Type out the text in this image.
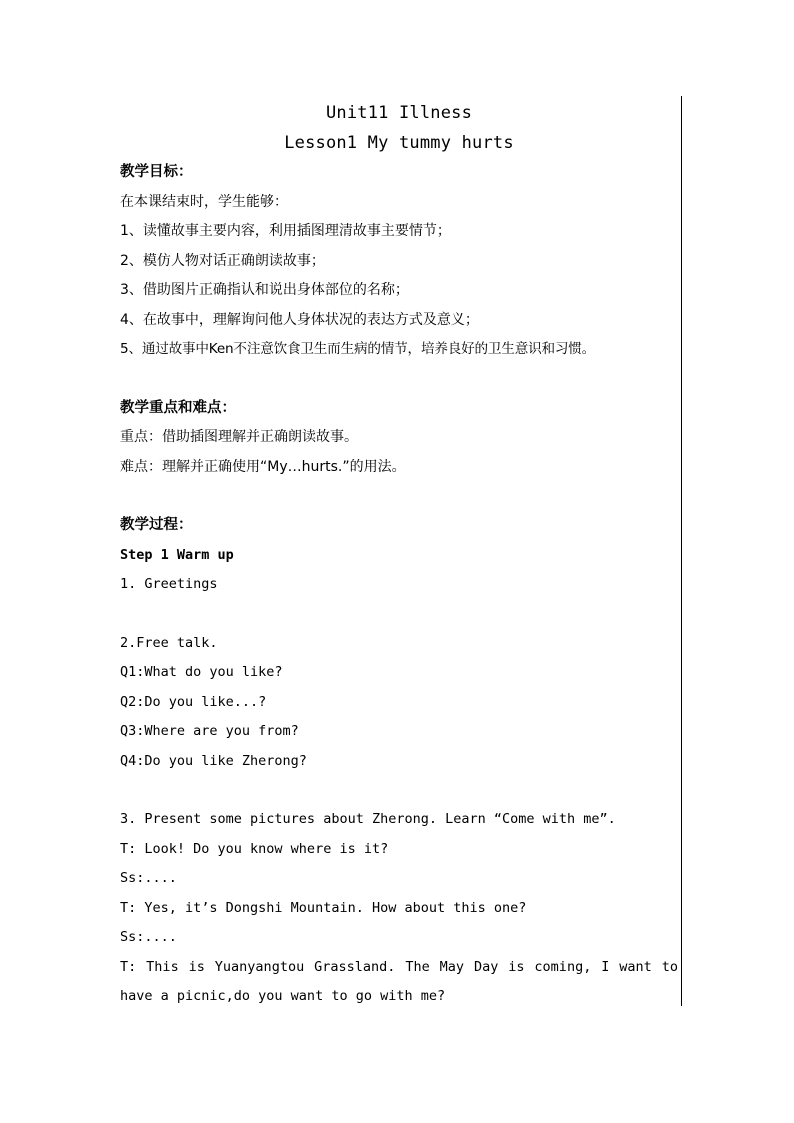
Unit11 Illness
Lesson1 My tummy hurts
教学目标：
在本课结束时，学生能够：
1、读懂故事主要内容，利用插图理清故事主要情节；
2、模仿人物对话正确朗读故事；
3、借助图片正确指认和说出身体部位的名称；
4、在故事中，理解询问他人身体状况的表达方式及意义；
5、通过故事中Ken不注意饮食卫生而生病的情节，培养良好的卫生意识和习惯。
教学重点和难点：
重点：借助插图理解并正确朗读故事。
难点：理解并正确使用“My…hurts.”的用法。
教学过程：
Step 1 Warm up
1. Greetings
2.Free talk.
Q1:What do you like?
Q2:Do you like...?
Q3:Where are you from?
Q4:Do you like Zherong?
3. Present some pictures about Zherong. Learn “Come with me”.
T: Look! Do you know where is it?
Ss:....
T: Yes, it’s Dongshi Mountain. How about this one?
Ss:....
T: This is Yuanyangtou Grassland. The May Day is coming, I want to have a picnic,do you want to go with me?
